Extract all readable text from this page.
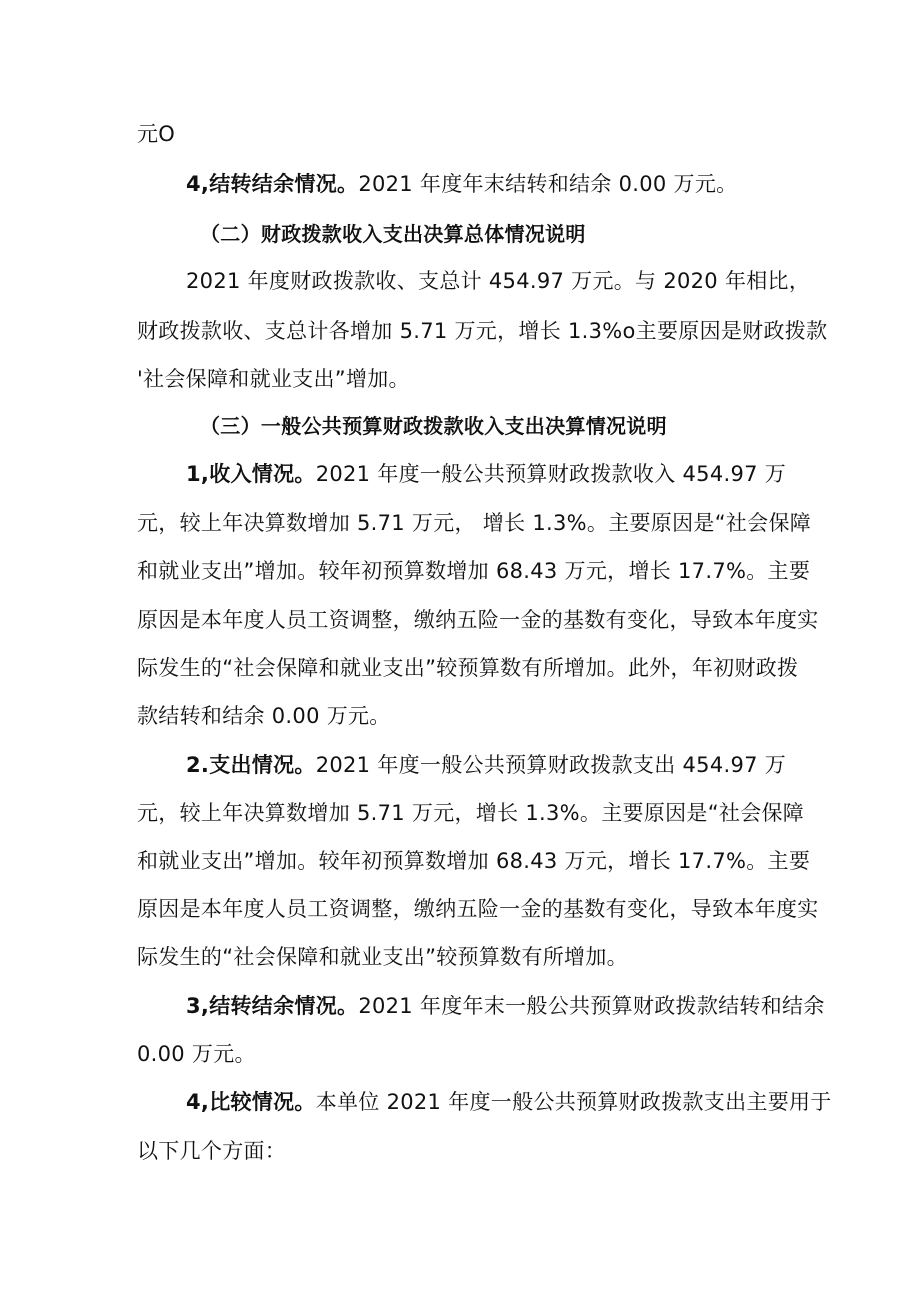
元O
4,结转结余情况。2021 年度年末结转和结余 0.00 万元。
（二）财政拨款收入支出决算总体情况说明
2021 年度财政拨款收、支总计 454.97 万元。与 2020 年相比，
财政拨款收、支总计各增加 5.71 万元，增长 1.3%o主要原因是财政拨款
'社会保障和就业支出”增加。
（三）一般公共预算财政拨款收入支出决算情况说明
1,收入情况。2021 年度一般公共预算财政拨款收入 454.97 万
元，较上年决算数增加 5.71 万元， 增长 1.3%。主要原因是“社会保障
和就业支出”增加。较年初预算数增加 68.43 万元，增长 17.7%。主要
原因是本年度人员工资调整，缴纳五险一金的基数有变化，导致本年度实
际发生的“社会保障和就业支出”较预算数有所增加。此外，年初财政拨
款结转和结余 0.00 万元。
2.支出情况。2021 年度一般公共预算财政拨款支出 454.97 万
元，较上年决算数增加 5.71 万元，增长 1.3%。主要原因是“社会保障
和就业支出”增加。较年初预算数增加 68.43 万元，增长 17.7%。主要
原因是本年度人员工资调整，缴纳五险一金的基数有变化，导致本年度实
际发生的“社会保障和就业支出”较预算数有所增加。
3,结转结余情况。2021 年度年末一般公共预算财政拨款结转和结余
0.00 万元。
4,比较情况。本单位 2021 年度一般公共预算财政拨款支出主要用于
以下几个方面：
